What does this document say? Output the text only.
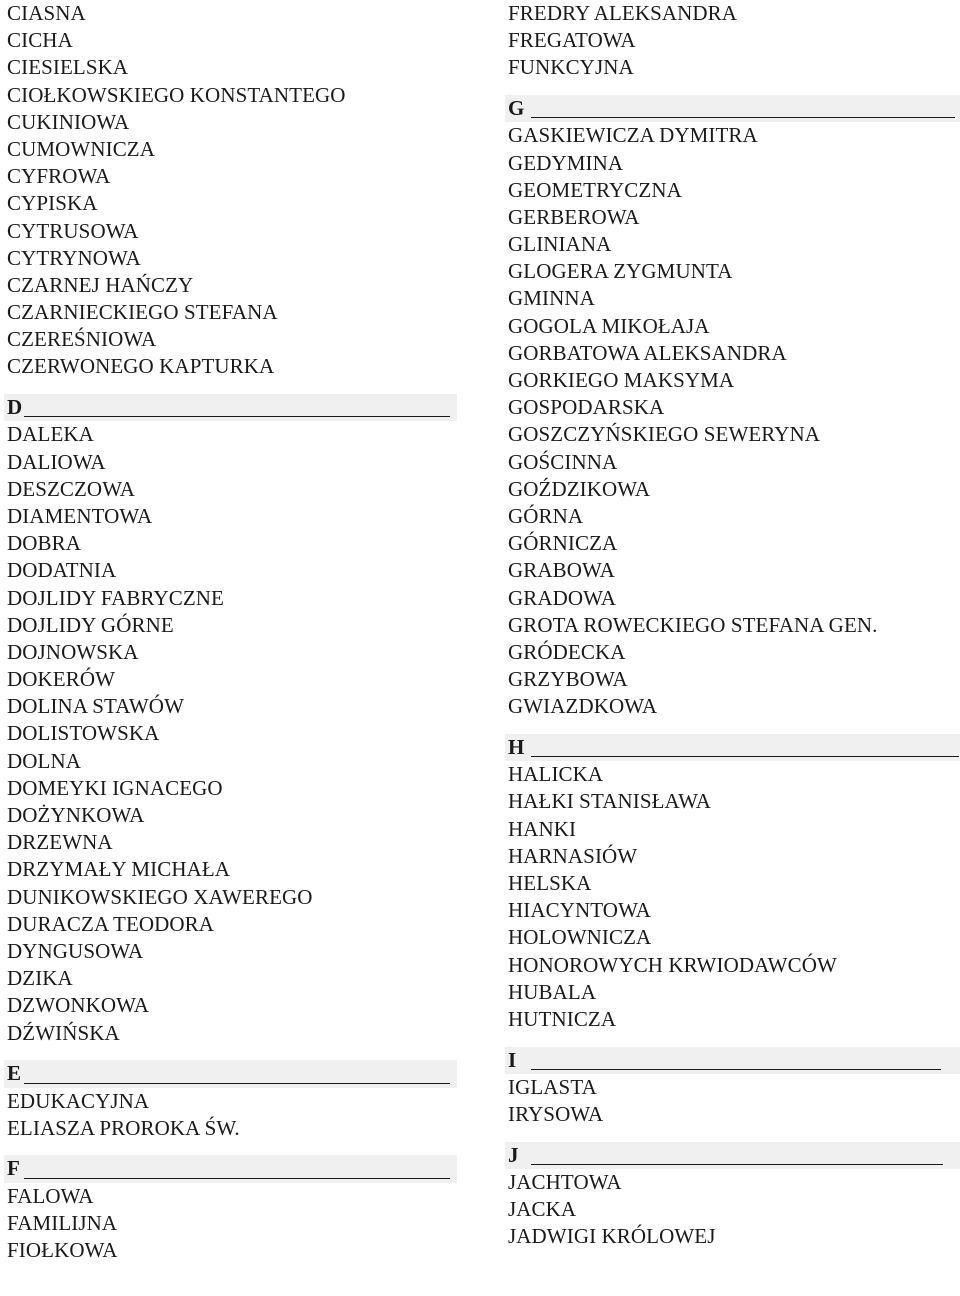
CIASNA
CICHA
CIESIELSKA
CIOŁKOWSKIEGO KONSTANTEGO
CUKINIOWA
CUMOWNICZA
CYFROWA
CYPISKA
CYTRUSOWA
CYTRYNOWA
CZARNEJ HAŃCZY
CZARNIECKIEGO STEFANA
CZEREŚNIOWA
CZERWONEGO KAPTURKA
D
DALEKA
DALIOWA
DESZCZOWA
DIAMENTOWA
DOBRA
DODATNIA
DOJLIDY FABRYCZNE
DOJLIDY GÓRNE
DOJNOWSKA
DOKERÓW
DOLINA STAWÓW
DOLISTOWSKA
DOLNA
DOMEYKI IGNACEGO
DOŻYNKOWA
DRZEWNA
DRZYMAŁY MICHAŁA
DUNIKOWSKIEGO XAWEREGO
DURACZA TEODORA
DYNGUSOWA
DZIKA
DZWONKOWA
DŹWIŃSKA
E
EDUKACYJNA
ELIASZA PROROKA ŚW.
F
FALOWA
FAMILIJNA
FIOŁKOWA
FREDRY ALEKSANDRA
FREGATOWA
FUNKCYJNA
G
GASKIEWICZA DYMITRA
GEDYMINA
GEOMETRYCZNA
GERBEROWA
GLINIANA
GLOGERA ZYGMUNTA
GMINNA
GOGOLA MIKOŁAJA
GORBATOWA ALEKSANDRA
GORKIEGO MAKSYMA
GOSPODARSKA
GOSZCZYŃSKIEGO SEWERYNA
GOŚCINNA
GOŹDZIKOWA
GÓRNA
GÓRNICZA
GRABOWA
GRADOWA
GROTA ROWECKIEGO STEFANA GEN.
GRÓDECKA
GRZYBOWA
GWIAZDKOWA
H
HALICKA
HAŁKI STANISŁAWA
HANKI
HARNASIÓW
HELSKA
HIACYNTOWA
HOLOWNICZA
HONOROWYCH KRWIODAWCÓW
HUBALA
HUTNICZA
I
IGLASTA
IRYSOWA
J
JACHTOWA
JACKA
JADWIGI KRÓLOWEJ
